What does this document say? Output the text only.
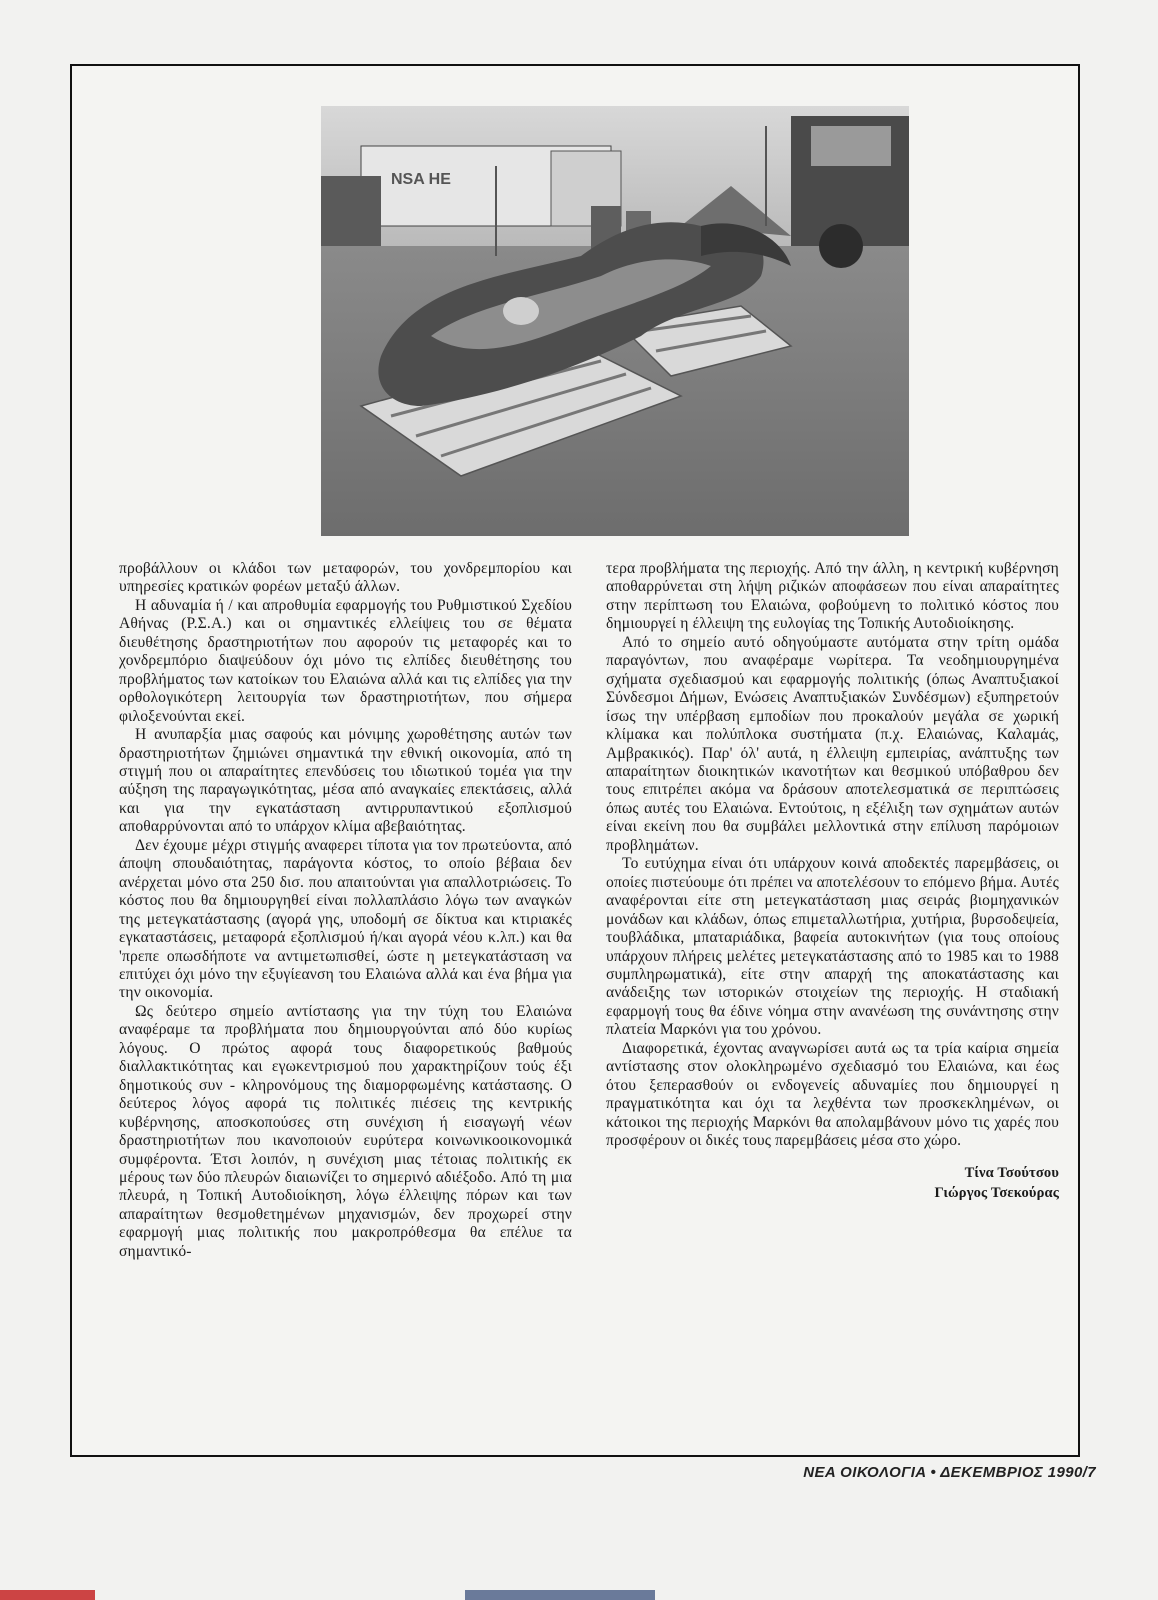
NSA HE

προβάλλουν οι κλάδοι των μεταφορών, του χονδρεμπορίου και υπηρεσίες κρατικών φορέων μεταξύ άλλων.

Η αδυναμία ή / και απροθυμία εφαρμογής του Ρυθμιστικού Σχεδίου Αθήνας (Ρ.Σ.Α.) και οι σημαντικές ελλείψεις του σε θέματα διευθέτησης δραστηριοτήτων που αφορούν τις μεταφορές και το χονδρεμπόριο διαψεύδουν όχι μόνο τις ελπίδες διευθέτησης του προβλήματος των κατοίκων του Ελαιώνα αλλά και τις ελπίδες για την ορθολογικότερη λειτουργία των δραστηριοτήτων, που σήμερα φιλοξενούνται εκεί.

Η ανυπαρξία μιας σαφούς και μόνιμης χωροθέτησης αυτών των δραστηριοτήτων ζημιώνει σημαντικά την εθνική οικονομία, από τη στιγμή που οι απαραίτητες επενδύσεις του ιδιωτικού τομέα για την αύξηση της παραγωγικότητας, μέσα από αναγκαίες επεκτάσεις, αλλά και για την εγκατάσταση αντιρρυπαντικού εξοπλισμού αποθαρρύνονται από το υπάρχον κλίμα αβεβαιότητας.

Δεν έχουμε μέχρι στιγμής αναφερει τίποτα για τον πρωτεύοντα, από άποψη σπουδαιότητας, παράγοντα κόστος, το οποίο βέβαια δεν ανέρχεται μόνο στα 250 δισ. που απαιτούνται για απαλλοτριώσεις. Το κόστος που θα δημιουργηθεί είναι πολλαπλάσιο λόγω των αναγκών της μετεγκατάστασης (αγορά γης, υποδομή σε δίκτυα και κτιριακές εγκαταστάσεις, μεταφορά εξοπλισμού ή/και αγορά νέου κ.λπ.) και θα 'πρεπε οπωσδήποτε να αντιμετωπισθεί, ώστε η μετεγκατάσταση να επιτύχει όχι μόνο την εξυγίεανση του Ελαιώνα αλλά και ένα βήμα για την οικονομία.

Ως δεύτερο σημείο αντίστασης για την τύχη του Ελαιώνα αναφέραμε τα προβλήματα που δημιουργούνται από δύο κυρίως λόγους. Ο πρώτος αφορά τους διαφορετικούς βαθμούς διαλλακτικότητας και εγωκεντρισμού που χαρακτηρίζουν τούς έξι δημοτικούς συν - κληρονόμους της διαμορφωμένης κατάστασης. Ο δεύτερος λόγος αφορά τις πολιτικές πιέσεις της κεντρικής κυβέρνησης, αποσκοπούσες στη συνέχιση ή εισαγωγή νέων δραστηριοτήτων που ικανοποιούν ευρύτερα κοινωνικοοικονομικά συμφέροντα. Έτσι λοιπόν, η συνέχιση μιας τέτοιας πολιτικής εκ μέρους των δύο πλευρών διαιωνίζει το σημερινό αδιέξοδο. Από τη μια πλευρά, η Τοπική Αυτοδιοίκηση, λόγω έλλειψης πόρων και των απαραίτητων θεσμοθετημένων μηχανισμών, δεν προχωρεί στην εφαρμογή μιας πολιτικής που μακροπρόθεσμα θα επέλυε τα σημαντικό-

τερα προβλήματα της περιοχής. Από την άλλη, η κεντρική κυβέρνηση αποθαρρύνεται στη λήψη ριζικών αποφάσεων που είναι απαραίτητες στην περίπτωση του Ελαιώνα, φοβούμενη το πολιτικό κόστος που δημιουργεί η έλλειψη της ευλογίας της Τοπικής Αυτοδιοίκησης.

Από το σημείο αυτό οδηγούμαστε αυτόματα στην τρίτη ομάδα παραγόντων, που αναφέραμε νωρίτερα. Τα νεοδημιουργημένα σχήματα σχεδιασμού και εφαρμογής πολιτικής (όπως Αναπτυξιακοί Σύνδεσμοι Δήμων, Ενώσεις Αναπτυξιακών Συνδέσμων) εξυπηρετούν ίσως την υπέρβαση εμποδίων που προκαλούν μεγάλα σε χωρική κλίμακα και πολύπλοκα συστήματα (π.χ. Ελαιώνας, Καλαμάς, Αμβρακικός). Παρ' όλ' αυτά, η έλλειψη εμπειρίας, ανάπτυξης των απαραίτητων διοικητικών ικανοτήτων και θεσμικού υπόβαθρου δεν τους επιτρέπει ακόμα να δράσουν αποτελεσματικά σε περιπτώσεις όπως αυτές του Ελαιώνα. Εντούτοις, η εξέλιξη των σχημάτων αυτών είναι εκείνη που θα συμβάλει μελλοντικά στην επίλυση παρόμοιων προβλημάτων.

Το ευτύχημα είναι ότι υπάρχουν κοινά αποδεκτές παρεμβάσεις, οι οποίες πιστεύουμε ότι πρέπει να αποτελέσουν το επόμενο βήμα. Αυτές αναφέρονται είτε στη μετεγκατάσταση μιας σειράς βιομηχανικών μονάδων και κλάδων, όπως επιμεταλλωτήρια, χυτήρια, βυρσοδεψεία, τουβλάδικα, μπαταριάδικα, βαφεία αυτοκινήτων (για τους οποίους υπάρχουν πλήρεις μελέτες μετεγκατάστασης από το 1985 και το 1988 συμπληρωματικά), είτε στην απαρχή της αποκατάστασης και ανάδειξης των ιστορικών στοιχείων της περιοχής. Η σταδιακή εφαρμογή τους θα έδινε νόημα στην ανανέωση της συνάντησης στην πλατεία Μαρκόνι για του χρόνου.

Διαφορετικά, έχοντας αναγνωρίσει αυτά ως τα τρία καίρια σημεία αντίστασης στον ολοκληρωμένο σχεδιασμό του Ελαιώνα, και έως ότου ξεπερασθούν οι ενδογενείς αδυναμίες που δημιουργεί η πραγματικότητα και όχι τα λεχθέντα των προσκεκλημένων, οι κάτοικοι της περιοχής Μαρκόνι θα απολαμβάνουν μόνο τις χαρές που προσφέρουν οι δικές τους παρεμβάσεις μέσα στο χώρο.

Τίνα Τσούτσου
Γιώργος Τσεκούρας
ΝΕΑ ΟΙΚΟΛΟΓΙΑ • ΔΕΚΕΜΒΡΙΟΣ 1990/7
